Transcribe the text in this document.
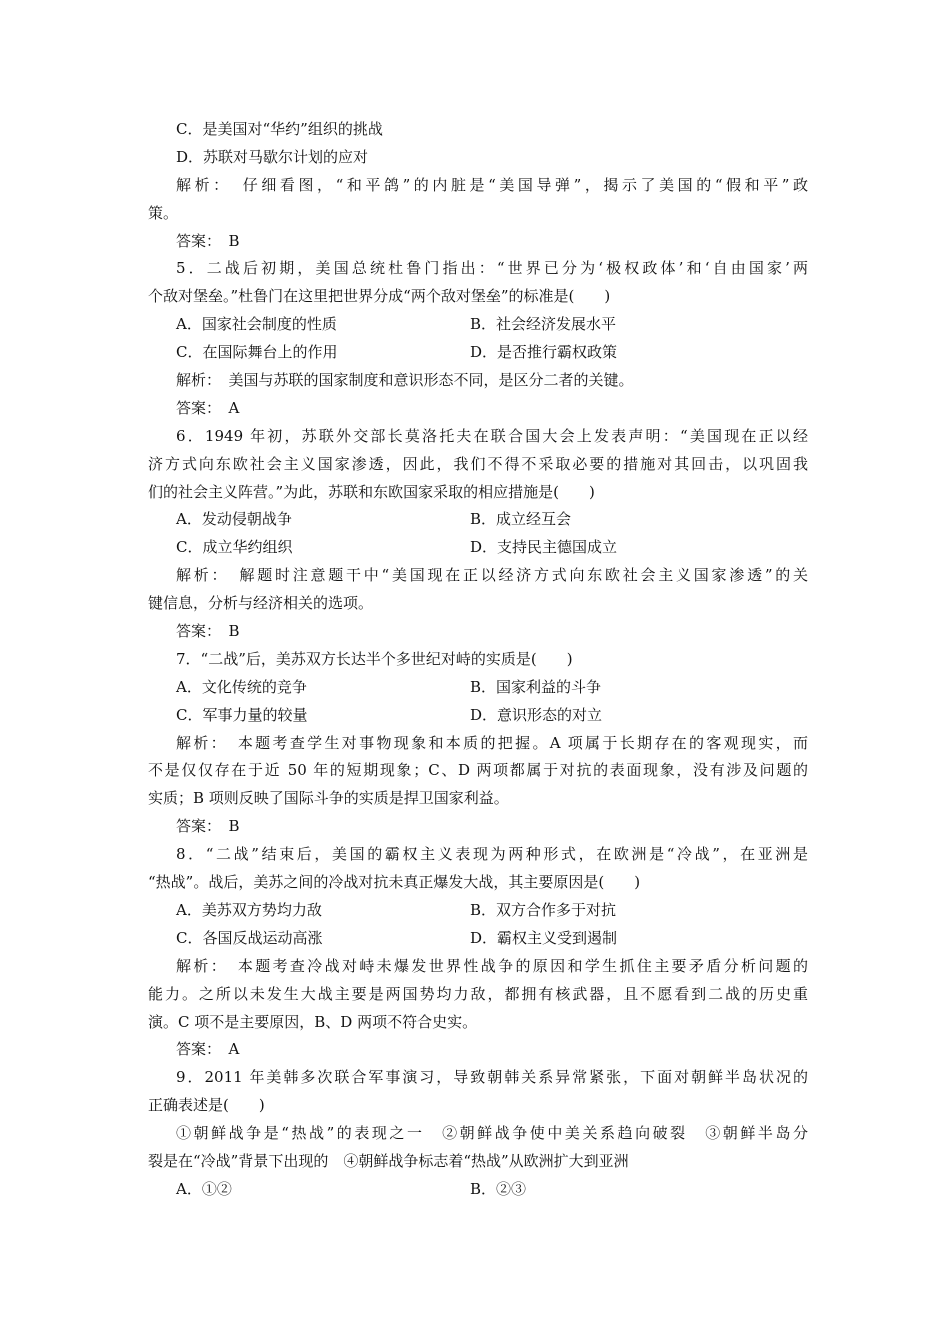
C．是美国对“华约”组织的挑战
D．苏联对马歇尔计划的应对
解析：　仔细看图，“和平鸽”的内脏是“美国导弹”，揭示了美国的“假和平”政
策。
答案：　B
5．二战后初期，美国总统杜鲁门指出：“世界已分为‘极权政体’和‘自由国家’两
个敌对堡垒。”杜鲁门在这里把世界分成“两个敌对堡垒”的标准是(　　)
A．国家社会制度的性质	B．社会经济发展水平
C．在国际舞台上的作用	D．是否推行霸权政策
解析：　美国与苏联的国家制度和意识形态不同，是区分二者的关键。
答案：　A
6．1949 年初，苏联外交部长莫洛托夫在联合国大会上发表声明：“美国现在正以经
济方式向东欧社会主义国家渗透，因此，我们不得不采取必要的措施对其回击，以巩固我
们的社会主义阵营。”为此，苏联和东欧国家采取的相应措施是(　　)
A．发动侵朝战争	B．成立经互会
C．成立华约组织	D．支持民主德国成立
解析：　解题时注意题干中“美国现在正以经济方式向东欧社会主义国家渗透”的关
键信息，分析与经济相关的选项。
答案：　B
7．“二战”后，美苏双方长达半个多世纪对峙的实质是(　　)
A．文化传统的竞争	B．国家利益的斗争
C．军事力量的较量	D．意识形态的对立
解析：　本题考查学生对事物现象和本质的把握。A 项属于长期存在的客观现实，而
不是仅仅存在于近 50 年的短期现象；C、D 两项都属于对抗的表面现象，没有涉及问题的
实质；B 项则反映了国际斗争的实质是捍卫国家利益。
答案：　B
8．“二战”结束后，美国的霸权主义表现为两种形式，在欧洲是“冷战”，在亚洲是
“热战”。战后，美苏之间的冷战对抗未真正爆发大战，其主要原因是(　　)
A．美苏双方势均力敌	B．双方合作多于对抗
C．各国反战运动高涨	D．霸权主义受到遏制
解析：　本题考查冷战对峙未爆发世界性战争的原因和学生抓住主要矛盾分析问题的
能力。之所以未发生大战主要是两国势均力敌，都拥有核武器，且不愿看到二战的历史重
演。C 项不是主要原因，B、D 两项不符合史实。
答案：　A
9．2011 年美韩多次联合军事演习，导致朝韩关系异常紧张，下面对朝鲜半岛状况的
正确表述是(　　)
①朝鲜战争是“热战”的表现之一　②朝鲜战争使中美关系趋向破裂　③朝鲜半岛分
裂是在“冷战”背景下出现的　④朝鲜战争标志着“热战”从欧洲扩大到亚洲
A．①②	B．②③
